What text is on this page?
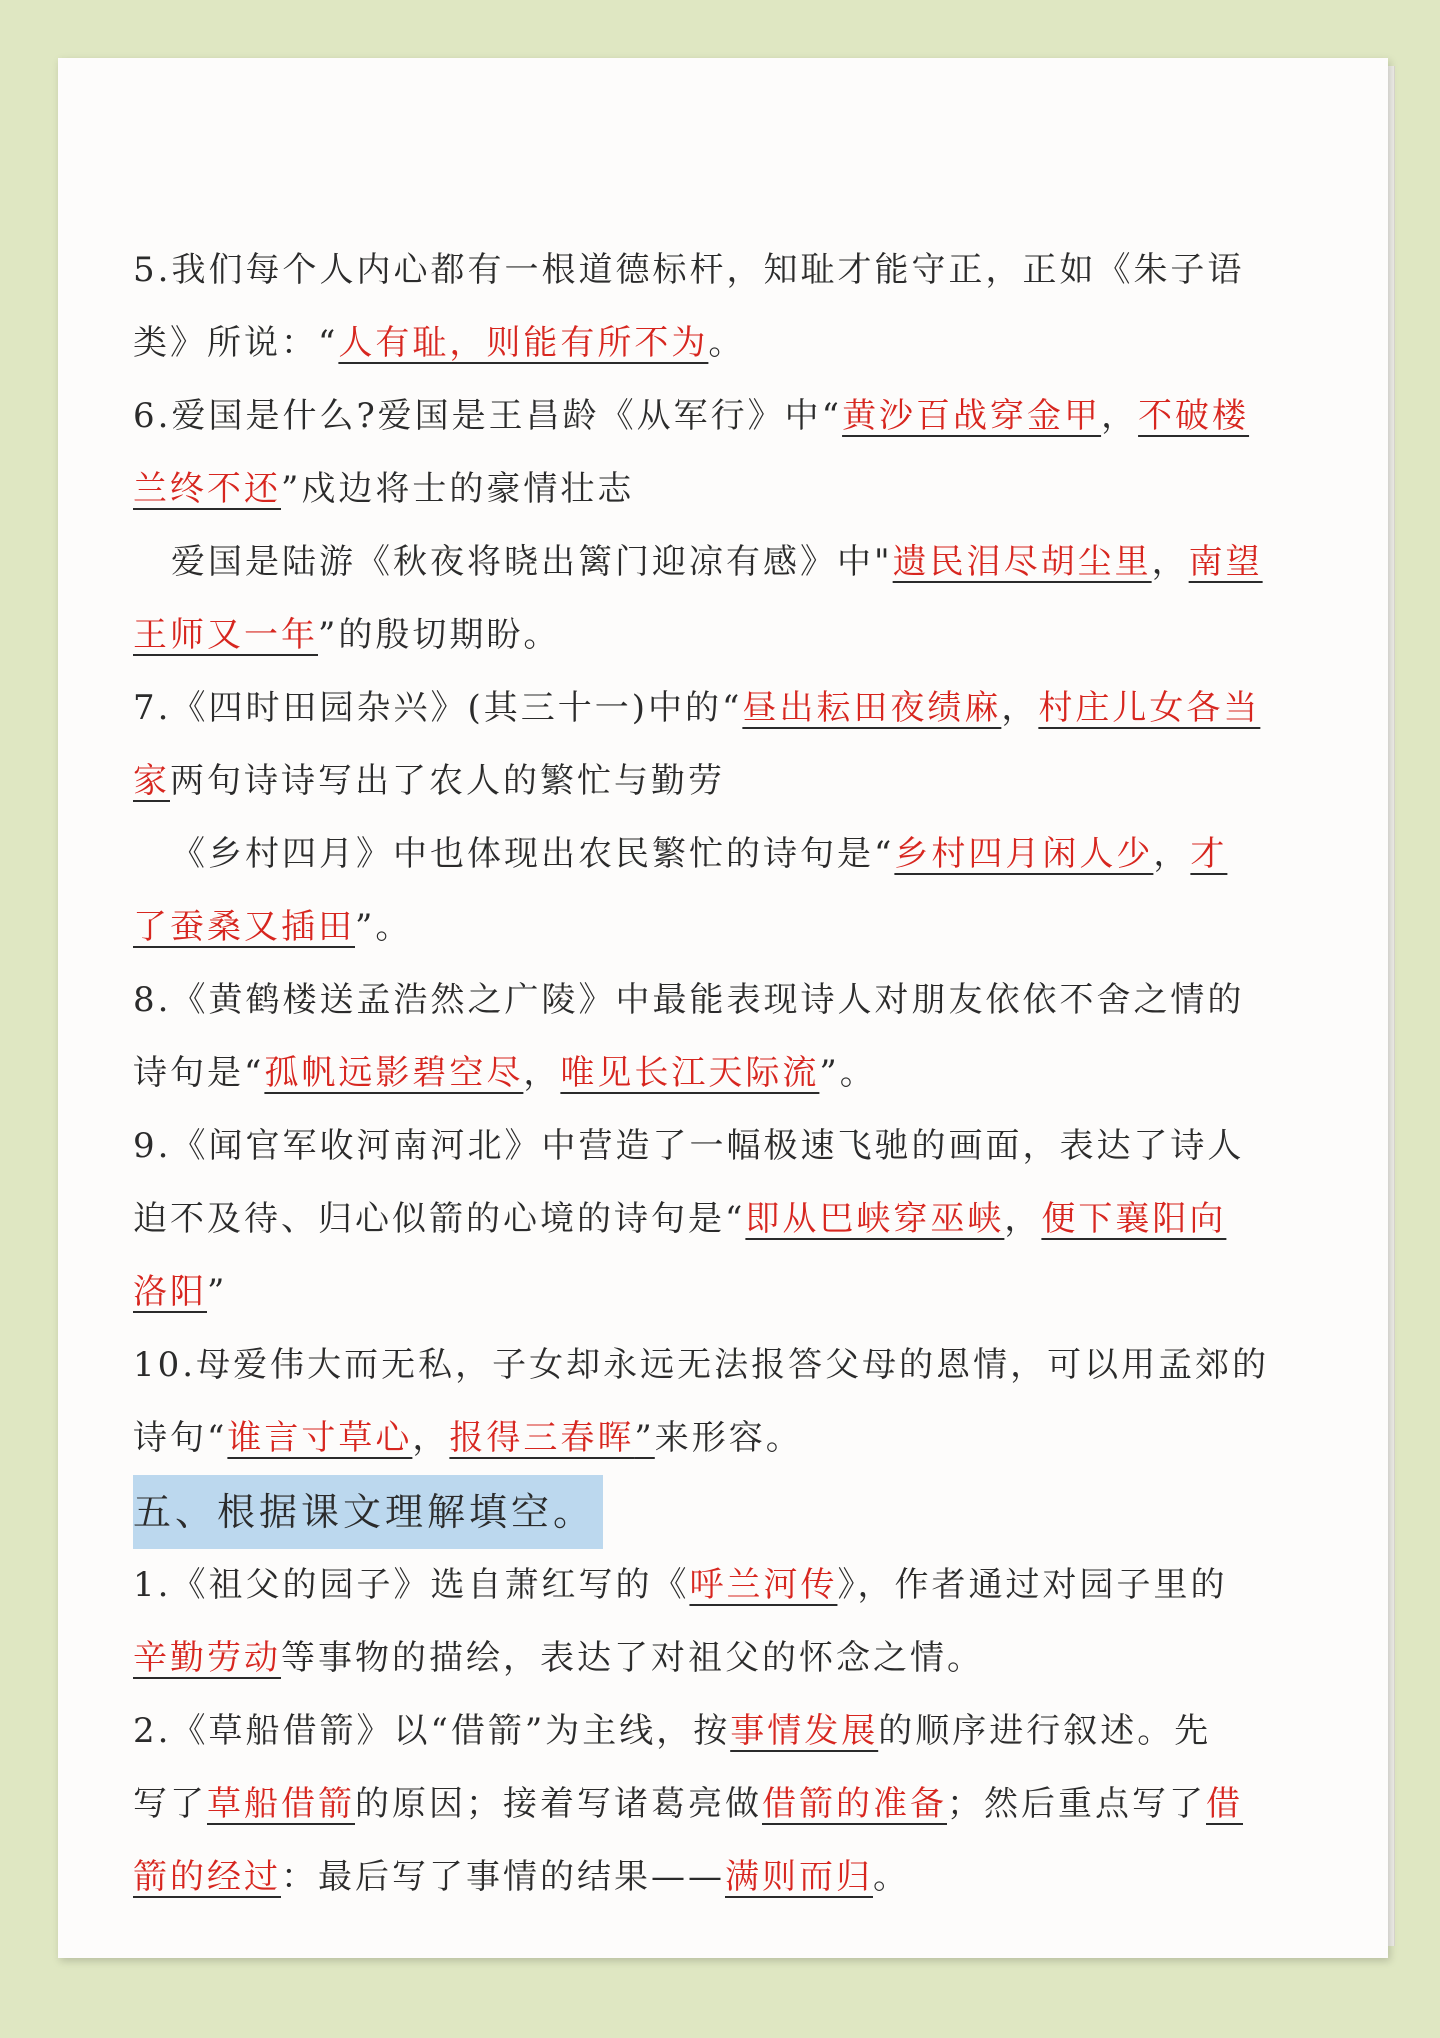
5.我们每个人内心都有一根道德标杆，知耻才能守正，正如《朱子语
类》所说：“人有耻，则能有所不为。
6.爱国是什么?爱国是王昌龄《从军行》中“黄沙百战穿金甲，不破楼
兰终不还”戍边将士的豪情壮志
爱国是陆游《秋夜将晓出篱门迎凉有感》中"遗民泪尽胡尘里，南望
王师又一年”的殷切期盼。
7.《四时田园杂兴》(其三十一)中的“昼出耘田夜绩麻，村庄儿女各当
家两句诗诗写出了农人的繁忙与勤劳
《乡村四月》中也体现出农民繁忙的诗句是“乡村四月闲人少，才
了蚕桑又插田”。
8.《黄鹤楼送孟浩然之广陵》中最能表现诗人对朋友依依不舍之情的
诗句是“孤帆远影碧空尽，唯见长江天际流”。
9.《闻官军收河南河北》中营造了一幅极速飞驰的画面，表达了诗人
迫不及待、归心似箭的心境的诗句是“即从巴峡穿巫峡，便下襄阳向
洛阳”
10.母爱伟大而无私，子女却永远无法报答父母的恩情，可以用孟郊的
诗句“谁言寸草心，报得三春晖”来形容。
五、根据课文理解填空。
1.《祖父的园子》选自萧红写的《呼兰河传》，作者通过对园子里的
辛勤劳动等事物的描绘，表达了对祖父的怀念之情。
2.《草船借箭》以“借箭”为主线，按事情发展的顺序进行叙述。先
写了草船借箭的原因；接着写诸葛亮做借箭的准备；然后重点写了借
箭的经过：最后写了事情的结果——满则而归。
